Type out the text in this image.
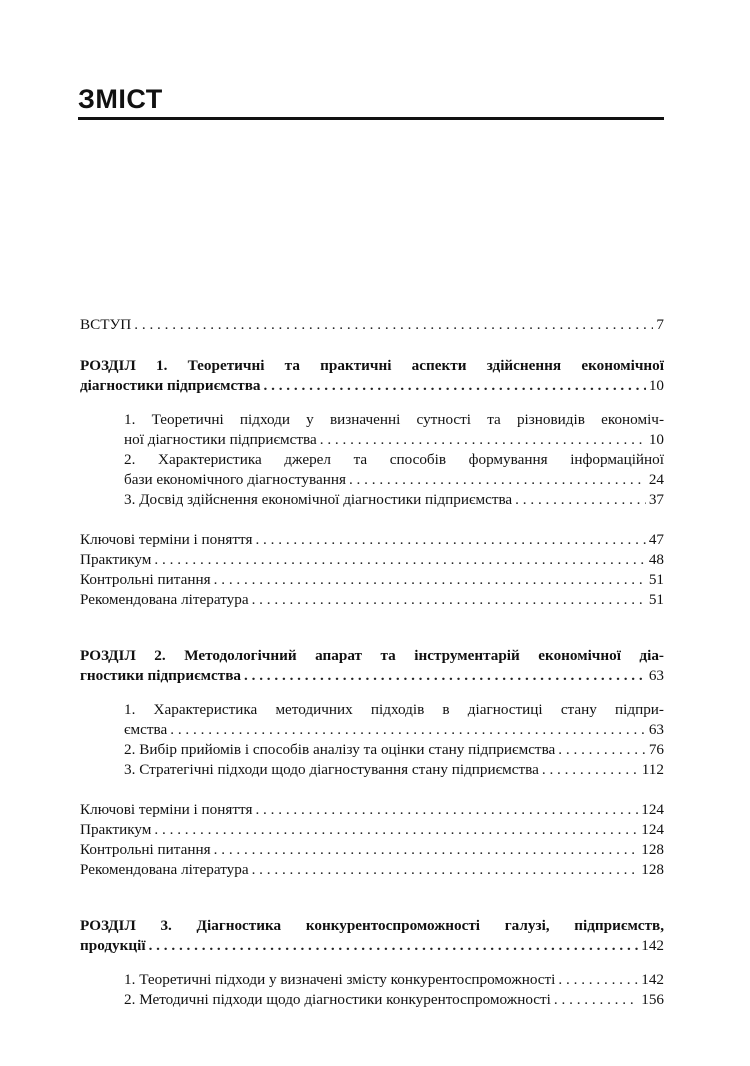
ЗМІСТ
ВСТУП . . .	7
РОЗДІЛ 1. Теоретичні та практичні аспекти здійснення економічної
діагностики підприємства . . .	10
1. Теоретичні підходи у визначенні сутності та різновидів економіч-
ної діагностики підприємства . . .	10
2. Характеристика джерел та способів формування інформаційної
бази економічного діагностування . . .	24
3. Досвід здійснення економічної діагностики підприємства . . .	37
Ключові терміни і поняття . . .	47
Практикум . . .	48
Контрольні питання . . .	51
Рекомендована література . . .	51
РОЗДІЛ 2. Методологічний апарат та інструментарій економічної діа-
гностики підприємства . . .	63
1. Характеристика методичних підходів в діагностиці стану підпри-
ємства . . .	63
2. Вибір прийомів і способів аналізу та оцінки стану підприємства . . .	76
3. Стратегічні підходи щодо діагностування стану підприємства . . .	112
Ключові терміни і поняття . . .	124
Практикум . . .	124
Контрольні питання . . .	128
Рекомендована література . . .	128
РОЗДІЛ 3. Діагностика конкурентоспроможності галузі, підприємств,
продукції . . .	142
1. Теоретичні підходи у визначені змісту конкурентоспроможності . . .	142
2. Методичні підходи щодо діагностики конкурентоспроможності . . .	156
